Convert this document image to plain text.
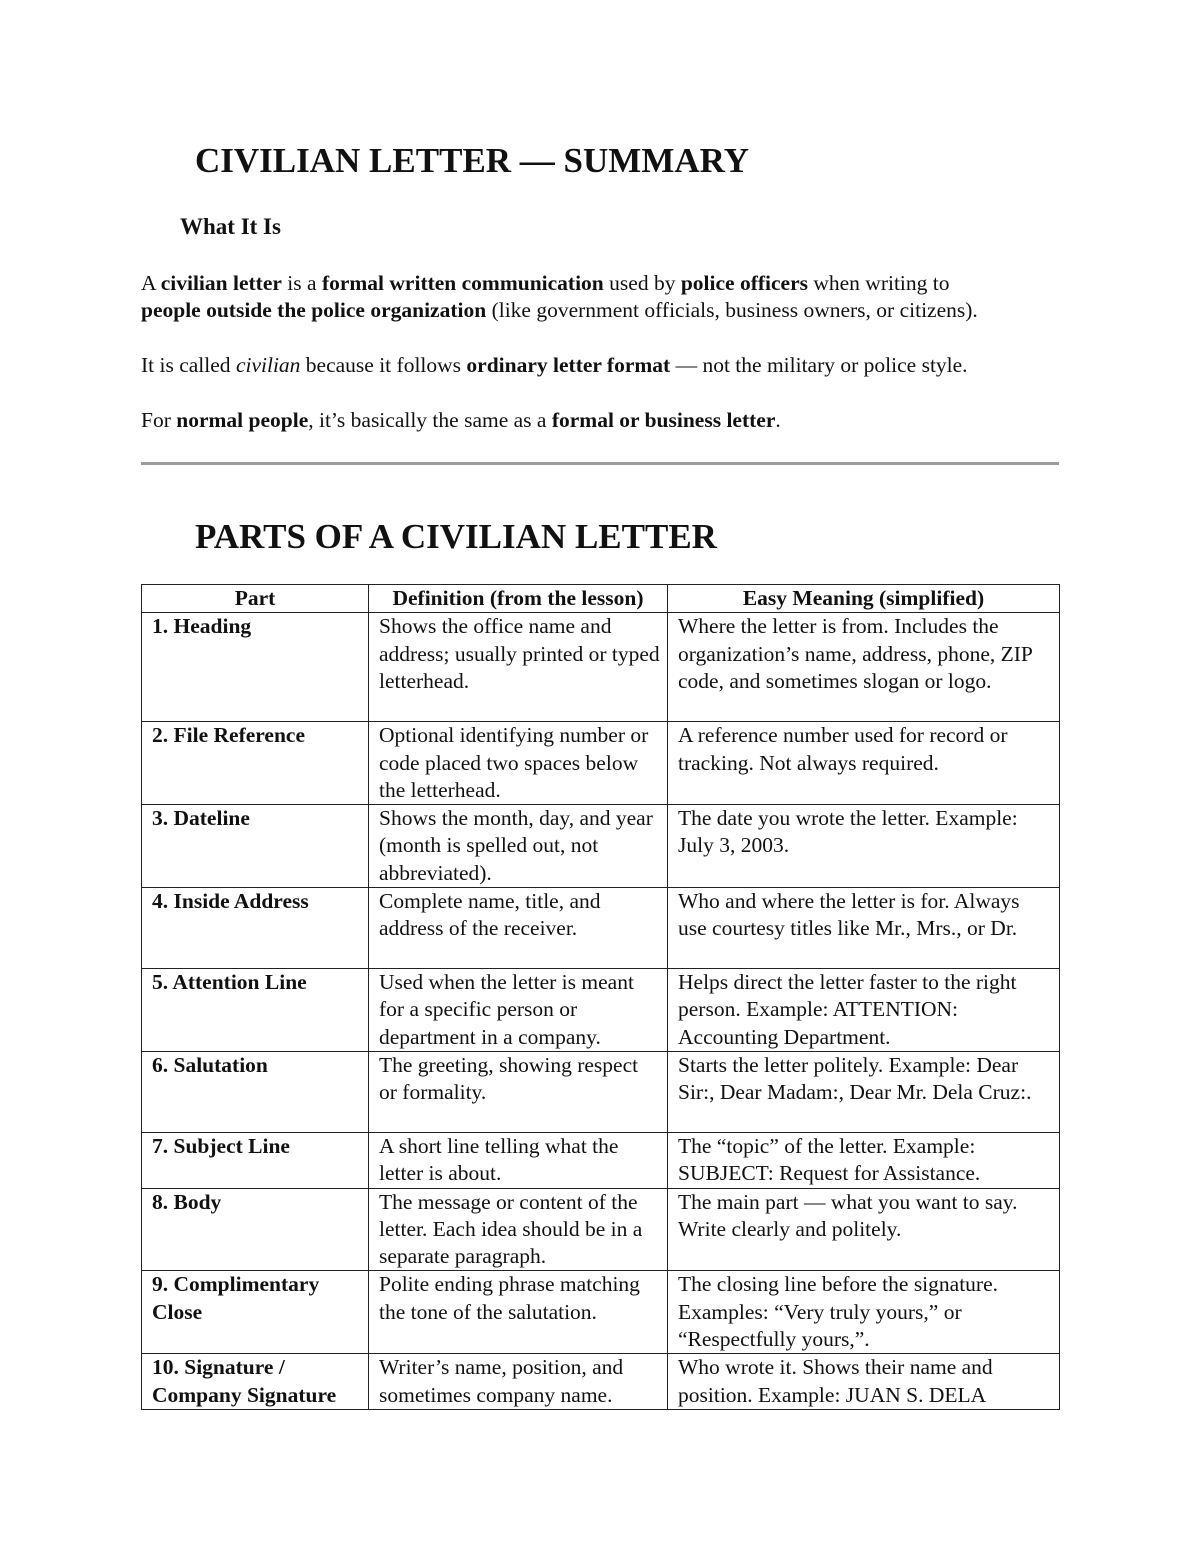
CIVILIAN LETTER — SUMMARY
What It Is

A civilian letter is a formal written communication used by police officers when writing to
people outside the police organization (like government officials, business owners, or citizens).

It is called civilian because it follows ordinary letter format — not the military or police style.

For normal people, it’s basically the same as a formal or business letter.

PARTS OF A CIVILIAN LETTER
Part	Definition (from the lesson)	Easy Meaning (simplified)
1. Heading	Shows the office name and address; usually printed or typed letterhead.	Where the letter is from. Includes the organization’s name, address, phone, ZIP code, and sometimes slogan or logo.
2. File Reference	Optional identifying number or code placed two spaces below the letterhead.	A reference number used for record or tracking. Not always required.
3. Dateline	Shows the month, day, and year (month is spelled out, not abbreviated).	The date you wrote the letter. Example: July 3, 2003.
4. Inside Address	Complete name, title, and address of the receiver.	Who and where the letter is for. Always use courtesy titles like Mr., Mrs., or Dr.
5. Attention Line	Used when the letter is meant for a specific person or department in a company.	Helps direct the letter faster to the right person. Example: ATTENTION: Accounting Department.
6. Salutation	The greeting, showing respect or formality.	Starts the letter politely. Example: Dear Sir:, Dear Madam:, Dear Mr. Dela Cruz:.
7. Subject Line	A short line telling what the letter is about.	The “topic” of the letter. Example: SUBJECT: Request for Assistance.
8. Body	The message or content of the letter. Each idea should be in a separate paragraph.	The main part — what you want to say. Write clearly and politely.
9. Complimentary Close	Polite ending phrase matching the tone of the salutation.	The closing line before the signature. Examples: “Very truly yours,” or “Respectfully yours,”.
10. Signature / Company Signature	Writer’s name, position, and sometimes company name.	Who wrote it. Shows their name and position. Example: JUAN S. DELA
